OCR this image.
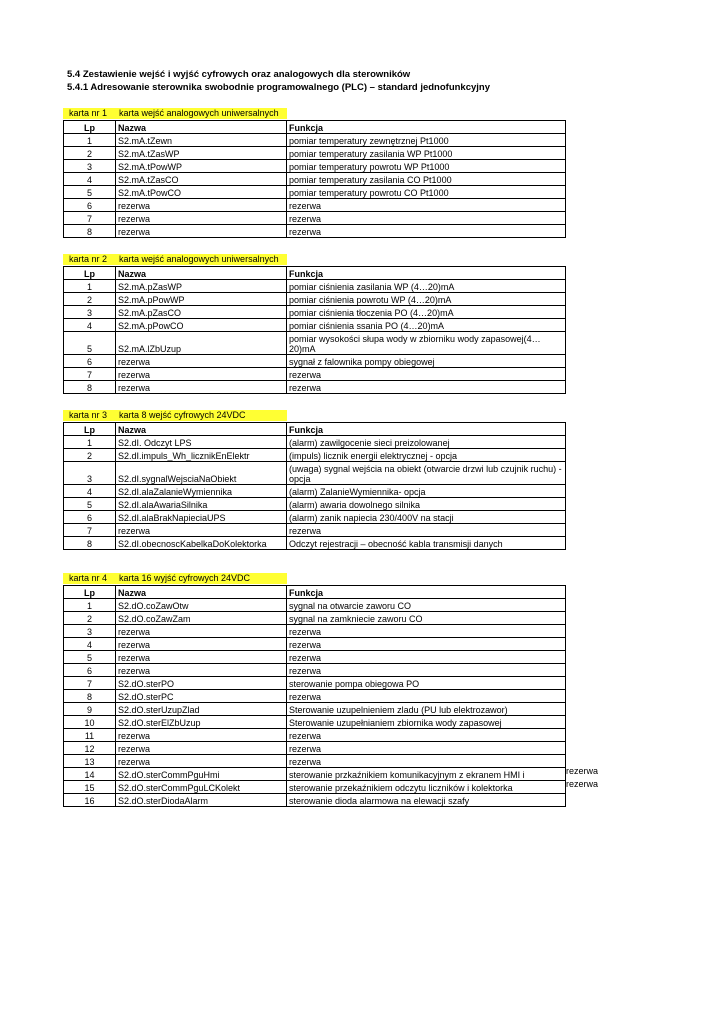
5.4 Zestawienie wejść i wyjść cyfrowych oraz analogowych dla sterowników
5.4.1 Adresowanie sterownika swobodnie programowalnego (PLC) – standard jednofunkcyjny
karta nr 1 karta wejść analogowych uniwersalnych
Lp	Nazwa	Funkcja
1	S2.mA.tZewn	pomiar temperatury zewnętrznej Pt1000
2	S2.mA.tZasWP	pomiar temperatury zasilania WP Pt1000
3	S2.mA.tPowWP	pomiar temperatury powrotu WP Pt1000
4	S2.mA.tZasCO	pomiar temperatury zasilania CO Pt1000
5	S2.mA.tPowCO	pomiar temperatury powrotu CO Pt1000
6	rezerwa	rezerwa
7	rezerwa	rezerwa
8	rezerwa	rezerwa
karta nr 2 karta wejść analogowych uniwersalnych
Lp	Nazwa	Funkcja
1	S2.mA.pZasWP	pomiar ciśnienia zasilania WP (4…20)mA
2	S2.mA.pPowWP	pomiar ciśnienia powrotu WP (4…20)mA
3	S2.mA.pZasCO	pomiar ciśnienia tłoczenia PO (4…20)mA
4	S2.mA.pPowCO	pomiar ciśnienia ssania PO (4…20)mA
5	S2.mA.lZbUzup	pomiar wysokości słupa wody w zbiorniku wody zapasowej(4…20)mA
6	rezerwa	sygnał z falownika pompy obiegowej
7	rezerwa	rezerwa
8	rezerwa	rezerwa
karta nr 3 karta 8 wejść cyfrowych 24VDC
Lp	Nazwa	Funkcja
1	S2.dI. Odczyt LPS	(alarm) zawilgocenie sieci preizolowanej
2	S2.dI.impuls_Wh_licznikEnElektr	(impuls) licznik energii elektrycznej - opcja
3	S2.dI.sygnalWejsciaNaObiekt	(uwaga) sygnal wejścia na obiekt (otwarcie drzwi lub czujnik ruchu) - opcja
4	S2.dI.alaZalanieWymiennika	(alarm) ZalanieWymiennika- opcja
5	S2.dI.alaAwariaSilnika	(alarm) awaria dowolnego silnika
6	S2.dI.alaBrakNapieciaUPS	(alarm) zanik napiecia 230/400V na stacji
7	rezerwa	rezerwa
8	S2.dI.obecnoscKabelkaDoKolektorka	Odczyt rejestracji – obecność kabla transmisji danych
karta nr 4 karta 16 wyjść cyfrowych 24VDC
Lp	Nazwa	Funkcja
1	S2.dO.coZawOtw	sygnal na otwarcie zaworu CO
2	S2.dO.coZawZam	sygnal na zamkniecie zaworu CO
3	rezerwa	rezerwa
4	rezerwa	rezerwa
5	rezerwa	rezerwa
6	rezerwa	rezerwa
7	S2.dO.sterPO	sterowanie pompa obiegowa PO
8	S2.dO.sterPC	rezerwa
9	S2.dO.sterUzupZlad	Sterowanie uzupelnieniem zladu (PU lub elektrozawor)
10	S2.dO.sterElZbUzup	Sterowanie uzupełnianiem zbiornika wody zapasowej
11	rezerwa	rezerwa
12	rezerwa	rezerwa
13	rezerwa	rezerwa
14	S2.dO.sterCommPguHmi	sterowanie przkaźnikiem komunikacyjnym z ekranem HMI i
15	S2.dO.sterCommPguLCKolekt	sterowanie przekaźnikiem odczytu liczników i kolektorka
16	S2.dO.sterDiodaAlarm	sterowanie dioda alarmowa na elewacji szafy
rezerwa
rezerwa
